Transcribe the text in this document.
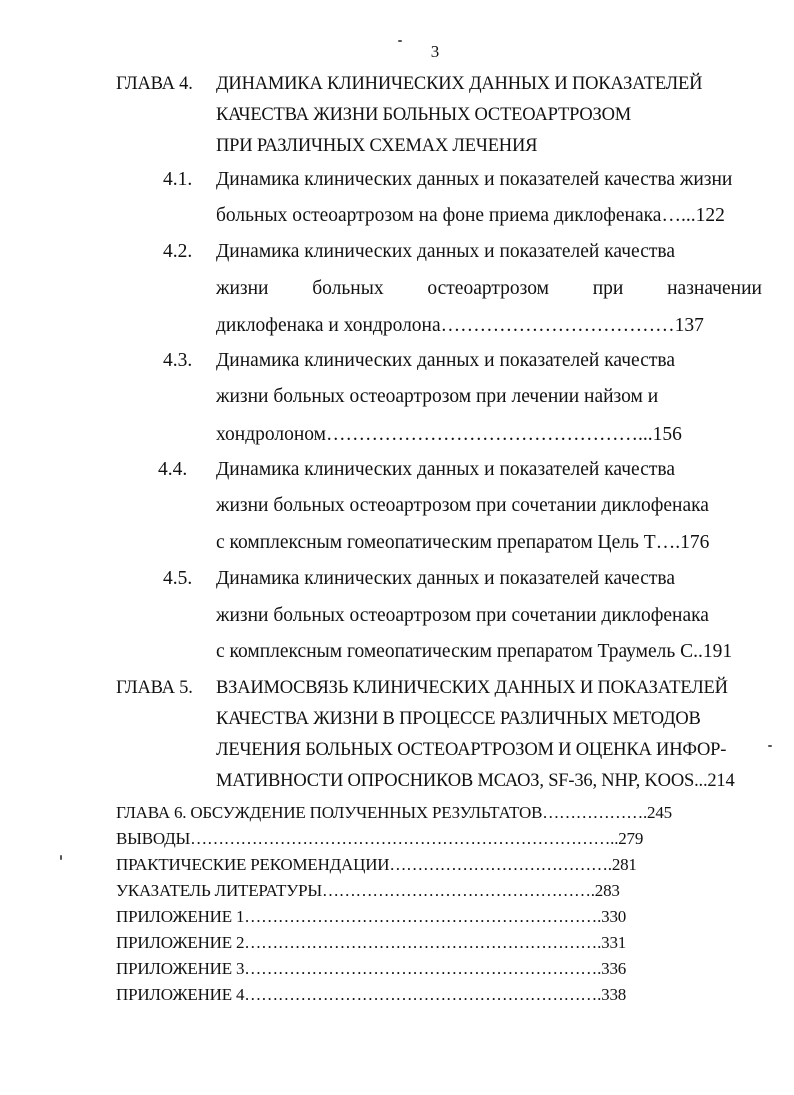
3
ГЛАВА 4. ДИНАМИКА КЛИНИЧЕСКИХ ДАННЫХ И ПОКАЗАТЕЛЕЙ
КАЧЕСТВА ЖИЗНИ БОЛЬНЫХ ОСТЕОАРТРОЗОМ
ПРИ РАЗЛИЧНЫХ СХЕМАХ ЛЕЧЕНИЯ
4.1. Динамика клинических данных и показателей качества жизни
больных остеоартрозом на фоне приема диклофенака…...122
4.2. Динамика клинических данных и показателей качества
жизни больных остеоартрозом при назначении
диклофенака и хондролона………………………………137
4.3. Динамика клинических данных и показателей качества
жизни больных остеоартрозом при лечении найзом и
хондролоном…………………………………………...156
4.4. Динамика клинических данных и показателей качества
жизни больных остеоартрозом при сочетании диклофенака
с комплексным гомеопатическим препаратом Цель Т….176
4.5. Динамика клинических данных и показателей качества
жизни больных остеоартрозом при сочетании диклофенака
с комплексным гомеопатическим препаратом Траумель С..191
ГЛАВА 5. ВЗАИМОСВЯЗЬ КЛИНИЧЕСКИХ ДАННЫХ И ПОКАЗАТЕЛЕЙ
КАЧЕСТВА ЖИЗНИ В ПРОЦЕССЕ РАЗЛИЧНЫХ МЕТОДОВ
ЛЕЧЕНИЯ БОЛЬНЫХ ОСТЕОАРТРОЗОМ И ОЦЕНКА ИНФОР-
МАТИВНОСТИ ОПРОСНИКОВ МСАОЗ, SF-36, NHP, KOOS...214
ГЛАВА 6. ОБСУЖДЕНИЕ ПОЛУЧЕННЫХ РЕЗУЛЬТАТОВ……………….245
ВЫВОДЫ…………………………………………………………………..279
ПРАКТИЧЕСКИЕ РЕКОМЕНДАЦИИ………………………………….281
УКАЗАТЕЛЬ ЛИТЕРАТУРЫ………………………………………….283
ПРИЛОЖЕНИЕ 1……………………………………………………….330
ПРИЛОЖЕНИЕ 2……………………………………………………….331
ПРИЛОЖЕНИЕ 3……………………………………………………….336
ПРИЛОЖЕНИЕ 4……………………………………………………….338
